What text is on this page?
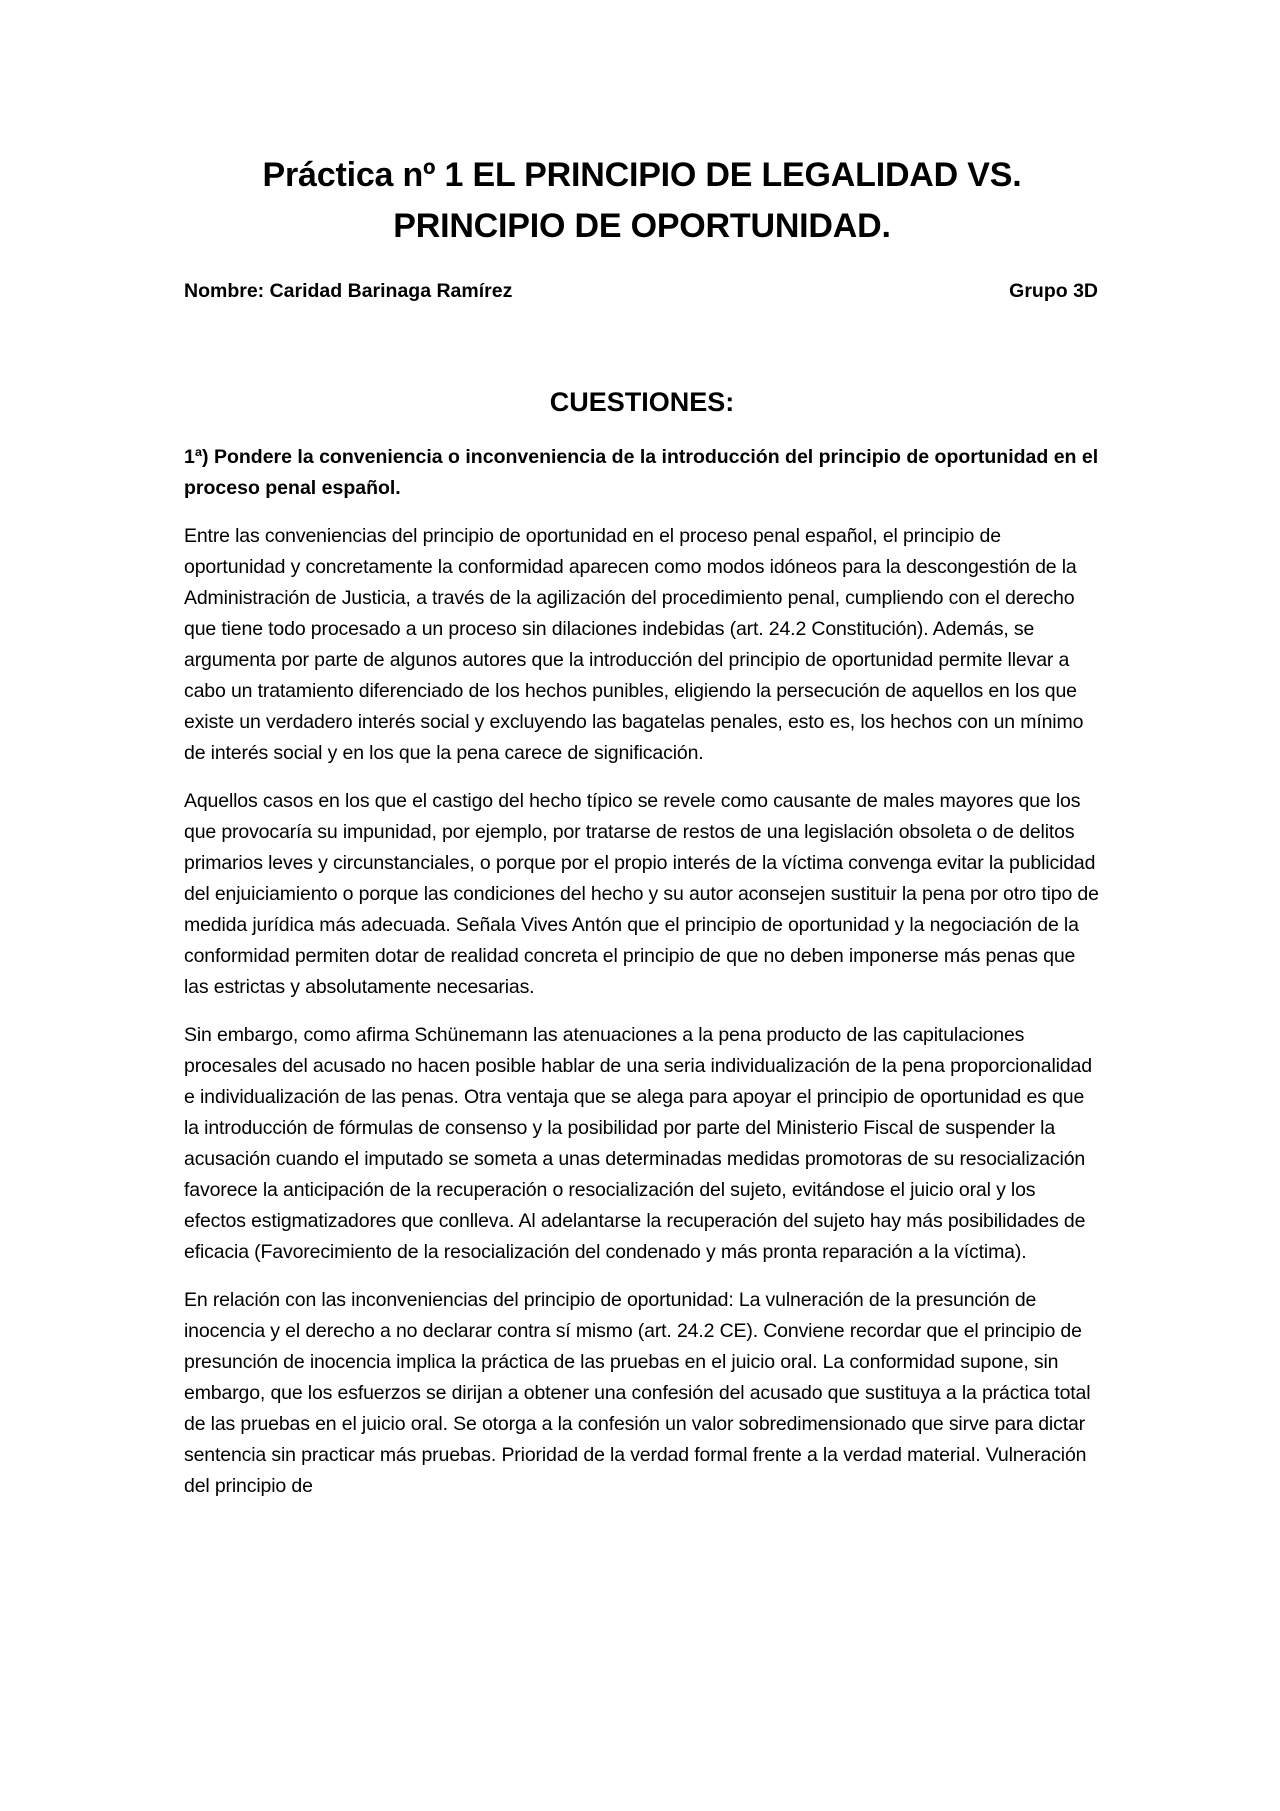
Práctica nº 1 EL PRINCIPIO DE LEGALIDAD VS. PRINCIPIO DE OPORTUNIDAD.
Nombre: Caridad Barinaga Ramírez	Grupo 3D
CUESTIONES:

1ª) Pondere la conveniencia o inconveniencia de la introducción del principio de oportunidad en el proceso penal español.

Entre las conveniencias del principio de oportunidad en el proceso penal español, el principio de oportunidad y concretamente la conformidad aparecen como modos idóneos para la descongestión de la Administración de Justicia, a través de la agilización del procedimiento penal, cumpliendo con el derecho que tiene todo procesado a un proceso sin dilaciones indebidas (art. 24.2 Constitución). Además, se argumenta por parte de algunos autores que la introducción del principio de oportunidad permite llevar a cabo un tratamiento diferenciado de los hechos punibles, eligiendo la persecución de aquellos en los que existe un verdadero interés social y excluyendo las bagatelas penales, esto es, los hechos con un mínimo de interés social y en los que la pena carece de significación.

Aquellos casos en los que el castigo del hecho típico se revele como causante de males mayores que los que provocaría su impunidad, por ejemplo, por tratarse de restos de una legislación obsoleta o de delitos primarios leves y circunstanciales, o porque por el propio interés de la víctima convenga evitar la publicidad del enjuiciamiento o porque las condiciones del hecho y su autor aconsejen sustituir la pena por otro tipo de medida jurídica más adecuada. Señala Vives Antón que el principio de oportunidad y la negociación de la conformidad permiten dotar de realidad concreta el principio de que no deben imponerse más penas que las estrictas y absolutamente necesarias.

Sin embargo, como afirma Schünemann las atenuaciones a la pena producto de las capitulaciones procesales del acusado no hacen posible hablar de una seria individualización de la pena proporcionalidad e individualización de las penas. Otra ventaja que se alega para apoyar el principio de oportunidad es que la introducción de fórmulas de consenso y la posibilidad por parte del Ministerio Fiscal de suspender la acusación cuando el imputado se someta a unas determinadas medidas promotoras de su resocialización favorece la anticipación de la recuperación o resocialización del sujeto, evitándose el juicio oral y los efectos estigmatizadores que conlleva. Al adelantarse la recuperación del sujeto hay más posibilidades de eficacia (Favorecimiento de la resocialización del condenado y más pronta reparación a la víctima).

En relación con las inconveniencias del principio de oportunidad: La vulneración de la presunción de inocencia y el derecho a no declarar contra sí mismo (art. 24.2 CE). Conviene recordar que el principio de presunción de inocencia implica la práctica de las pruebas en el juicio oral. La conformidad supone, sin embargo, que los esfuerzos se dirijan a obtener una confesión del acusado que sustituya a la práctica total de las pruebas en el juicio oral. Se otorga a la confesión un valor sobredimensionado que sirve para dictar sentencia sin practicar más pruebas. Prioridad de la verdad formal frente a la verdad material. Vulneración del principio de
